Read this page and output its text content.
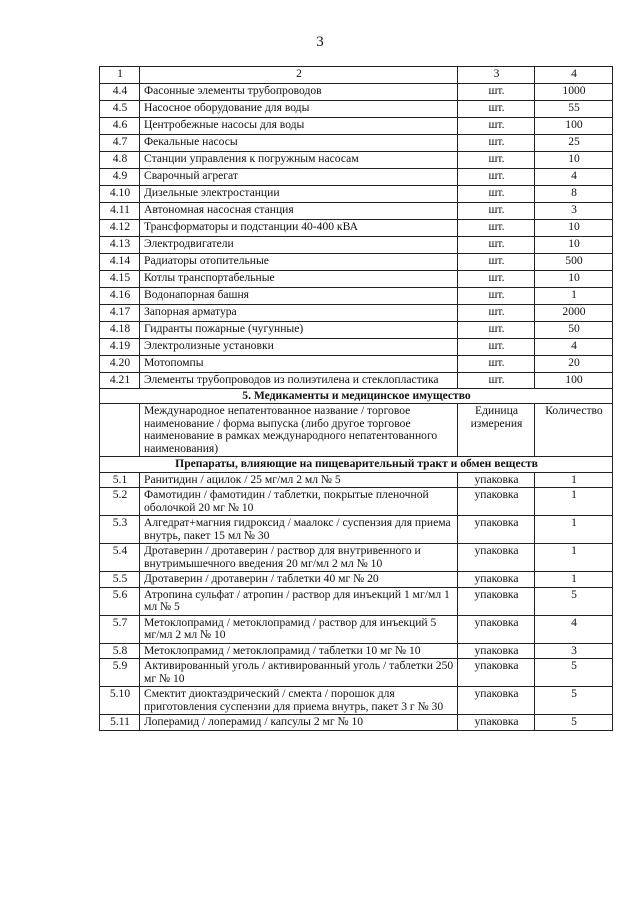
3
1	2	3	4
4.4	Фасонные элементы трубопроводов	шт.	1000
4.5	Насосное оборудование для воды	шт.	55
4.6	Центробежные насосы для воды	шт.	100
4.7	Фекальные насосы	шт.	25
4.8	Станции управления к погружным насосам	шт.	10
4.9	Сварочный агрегат	шт.	4
4.10	Дизельные электростанции	шт.	8
4.11	Автономная насосная станция	шт.	3
4.12	Трансформаторы и подстанции 40-400 кВА	шт.	10
4.13	Электродвигатели	шт.	10
4.14	Радиаторы отопительные	шт.	500
4.15	Котлы транспортабельные	шт.	10
4.16	Водонапорная башня	шт.	1
4.17	Запорная арматура	шт.	2000
4.18	Гидранты пожарные (чугунные)	шт.	50
4.19	Электролизные установки	шт.	4
4.20	Мотопомпы	шт.	20
4.21	Элементы трубопроводов из полиэтилена и стеклопластика	шт.	100
5. Медикаменты и медицинское имущество			
	Международное непатентованное название / торговое наименование / форма выпуска (либо другое торговое наименование в рамках международного непатентованного наименования)	Единица измерения	Количество
Препараты, влияющие на пищеварительный тракт и обмен веществ			
5.1	Ранитидин / ацилок / 25 мг/мл 2 мл № 5	упаковка	1
5.2	Фамотидин / фамотидин / таблетки, покрытые пленочной оболочкой 20 мг № 10	упаковка	1
5.3	Алгедрат+магния гидроксид / маалокс / суспензия для приема внутрь, пакет 15 мл № 30	упаковка	1
5.4	Дротаверин / дротаверин / раствор для внутривенного и внутримышечного введения 20 мг/мл 2 мл № 10	упаковка	1
5.5	Дротаверин / дротаверин / таблетки 40 мг № 20	упаковка	1
5.6	Атропина сульфат / атропин / раствор для инъекций 1 мг/мл 1 мл № 5	упаковка	5
5.7	Метоклопрамид / метоклопрамид / раствор для инъекций 5 мг/мл 2 мл № 10	упаковка	4
5.8	Метоклопрамид / метоклопрамид / таблетки 10 мг № 10	упаковка	3
5.9	Активированный уголь / активированный уголь / таблетки 250 мг № 10	упаковка	5
5.10	Смектит диоктаэдрический / смекта / порошок для приготовления суспензии для приема внутрь, пакет 3 г № 30	упаковка	5
5.11	Лоперамид / лоперамид / капсулы 2 мг № 10	упаковка	5
